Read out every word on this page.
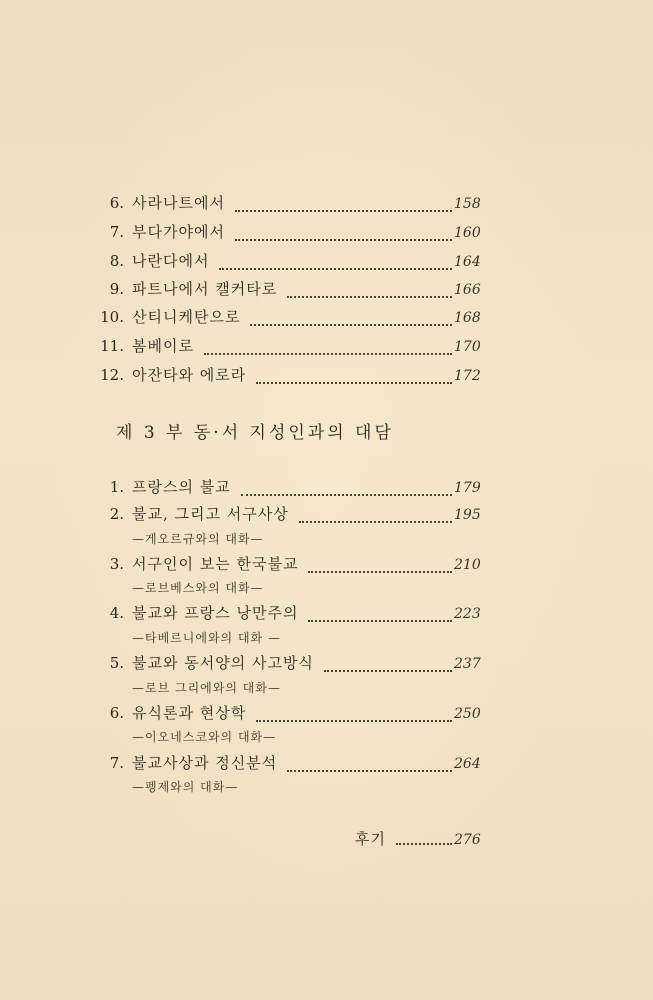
6. 사라나트에서	158
7. 부다가야에서	160
8. 나란다에서	164
9. 파트나에서 캘커타로	166
10. 산티니케탄으로	168
11. 봄베이로	170
12. 아잔타와 에로라	172
제 3 부 동·서 지성인과의 대담
1. 프랑스의 불교	179
2. 불교, 그리고 서구사상	195
—게오르규와의 대화—
3. 서구인이 보는 한국불교	210
—로브베스와의 대화—
4. 불교와 프랑스 낭만주의	223
—타베르니에와의 대화 —
5. 불교와 동서양의 사고방식	237
—로브 그리에와의 대화—
6. 유식론과 현상학	250
—이오네스코와의 대화—
7. 불교사상과 정신분석	264
—펭제와의 대화—
후기	276
